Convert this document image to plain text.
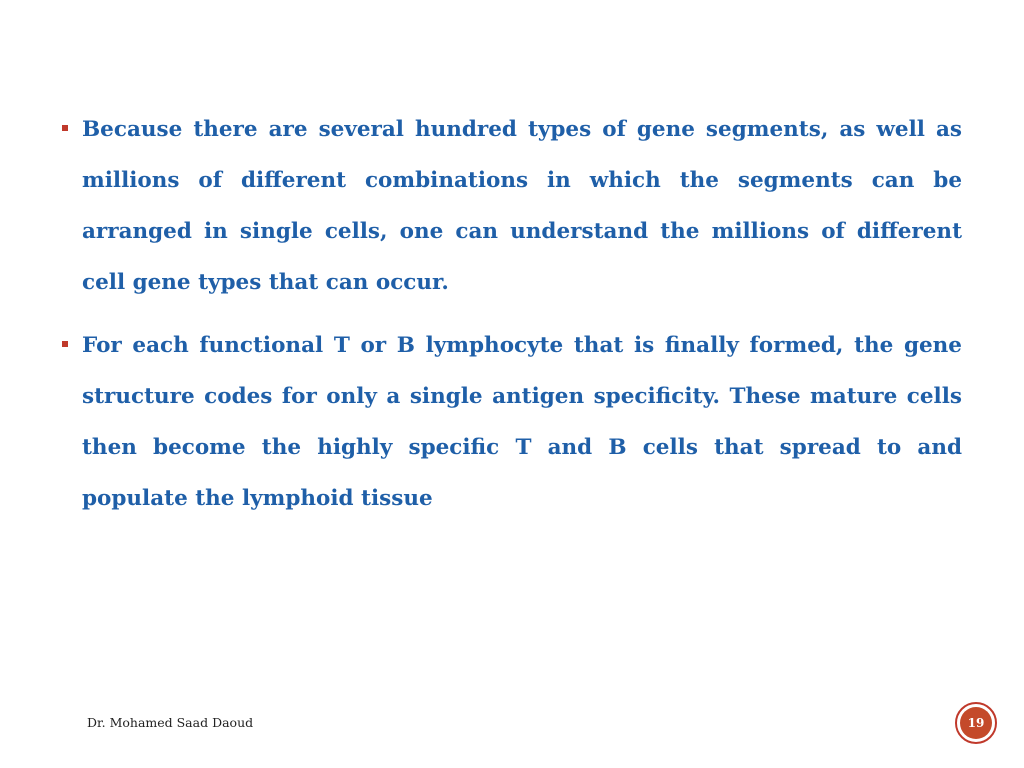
Because there are several hundred types of gene segments, as well as millions of different combinations in which the segments can be arranged in single cells, one can understand the millions of different cell gene types that can occur.

For each functional T or B lymphocyte that is finally formed, the gene structure codes for only a single antigen specificity. These mature cells then become the highly specific T and B cells that spread to and populate the lymphoid tissue

Dr. Mohamed Saad Daoud	19
